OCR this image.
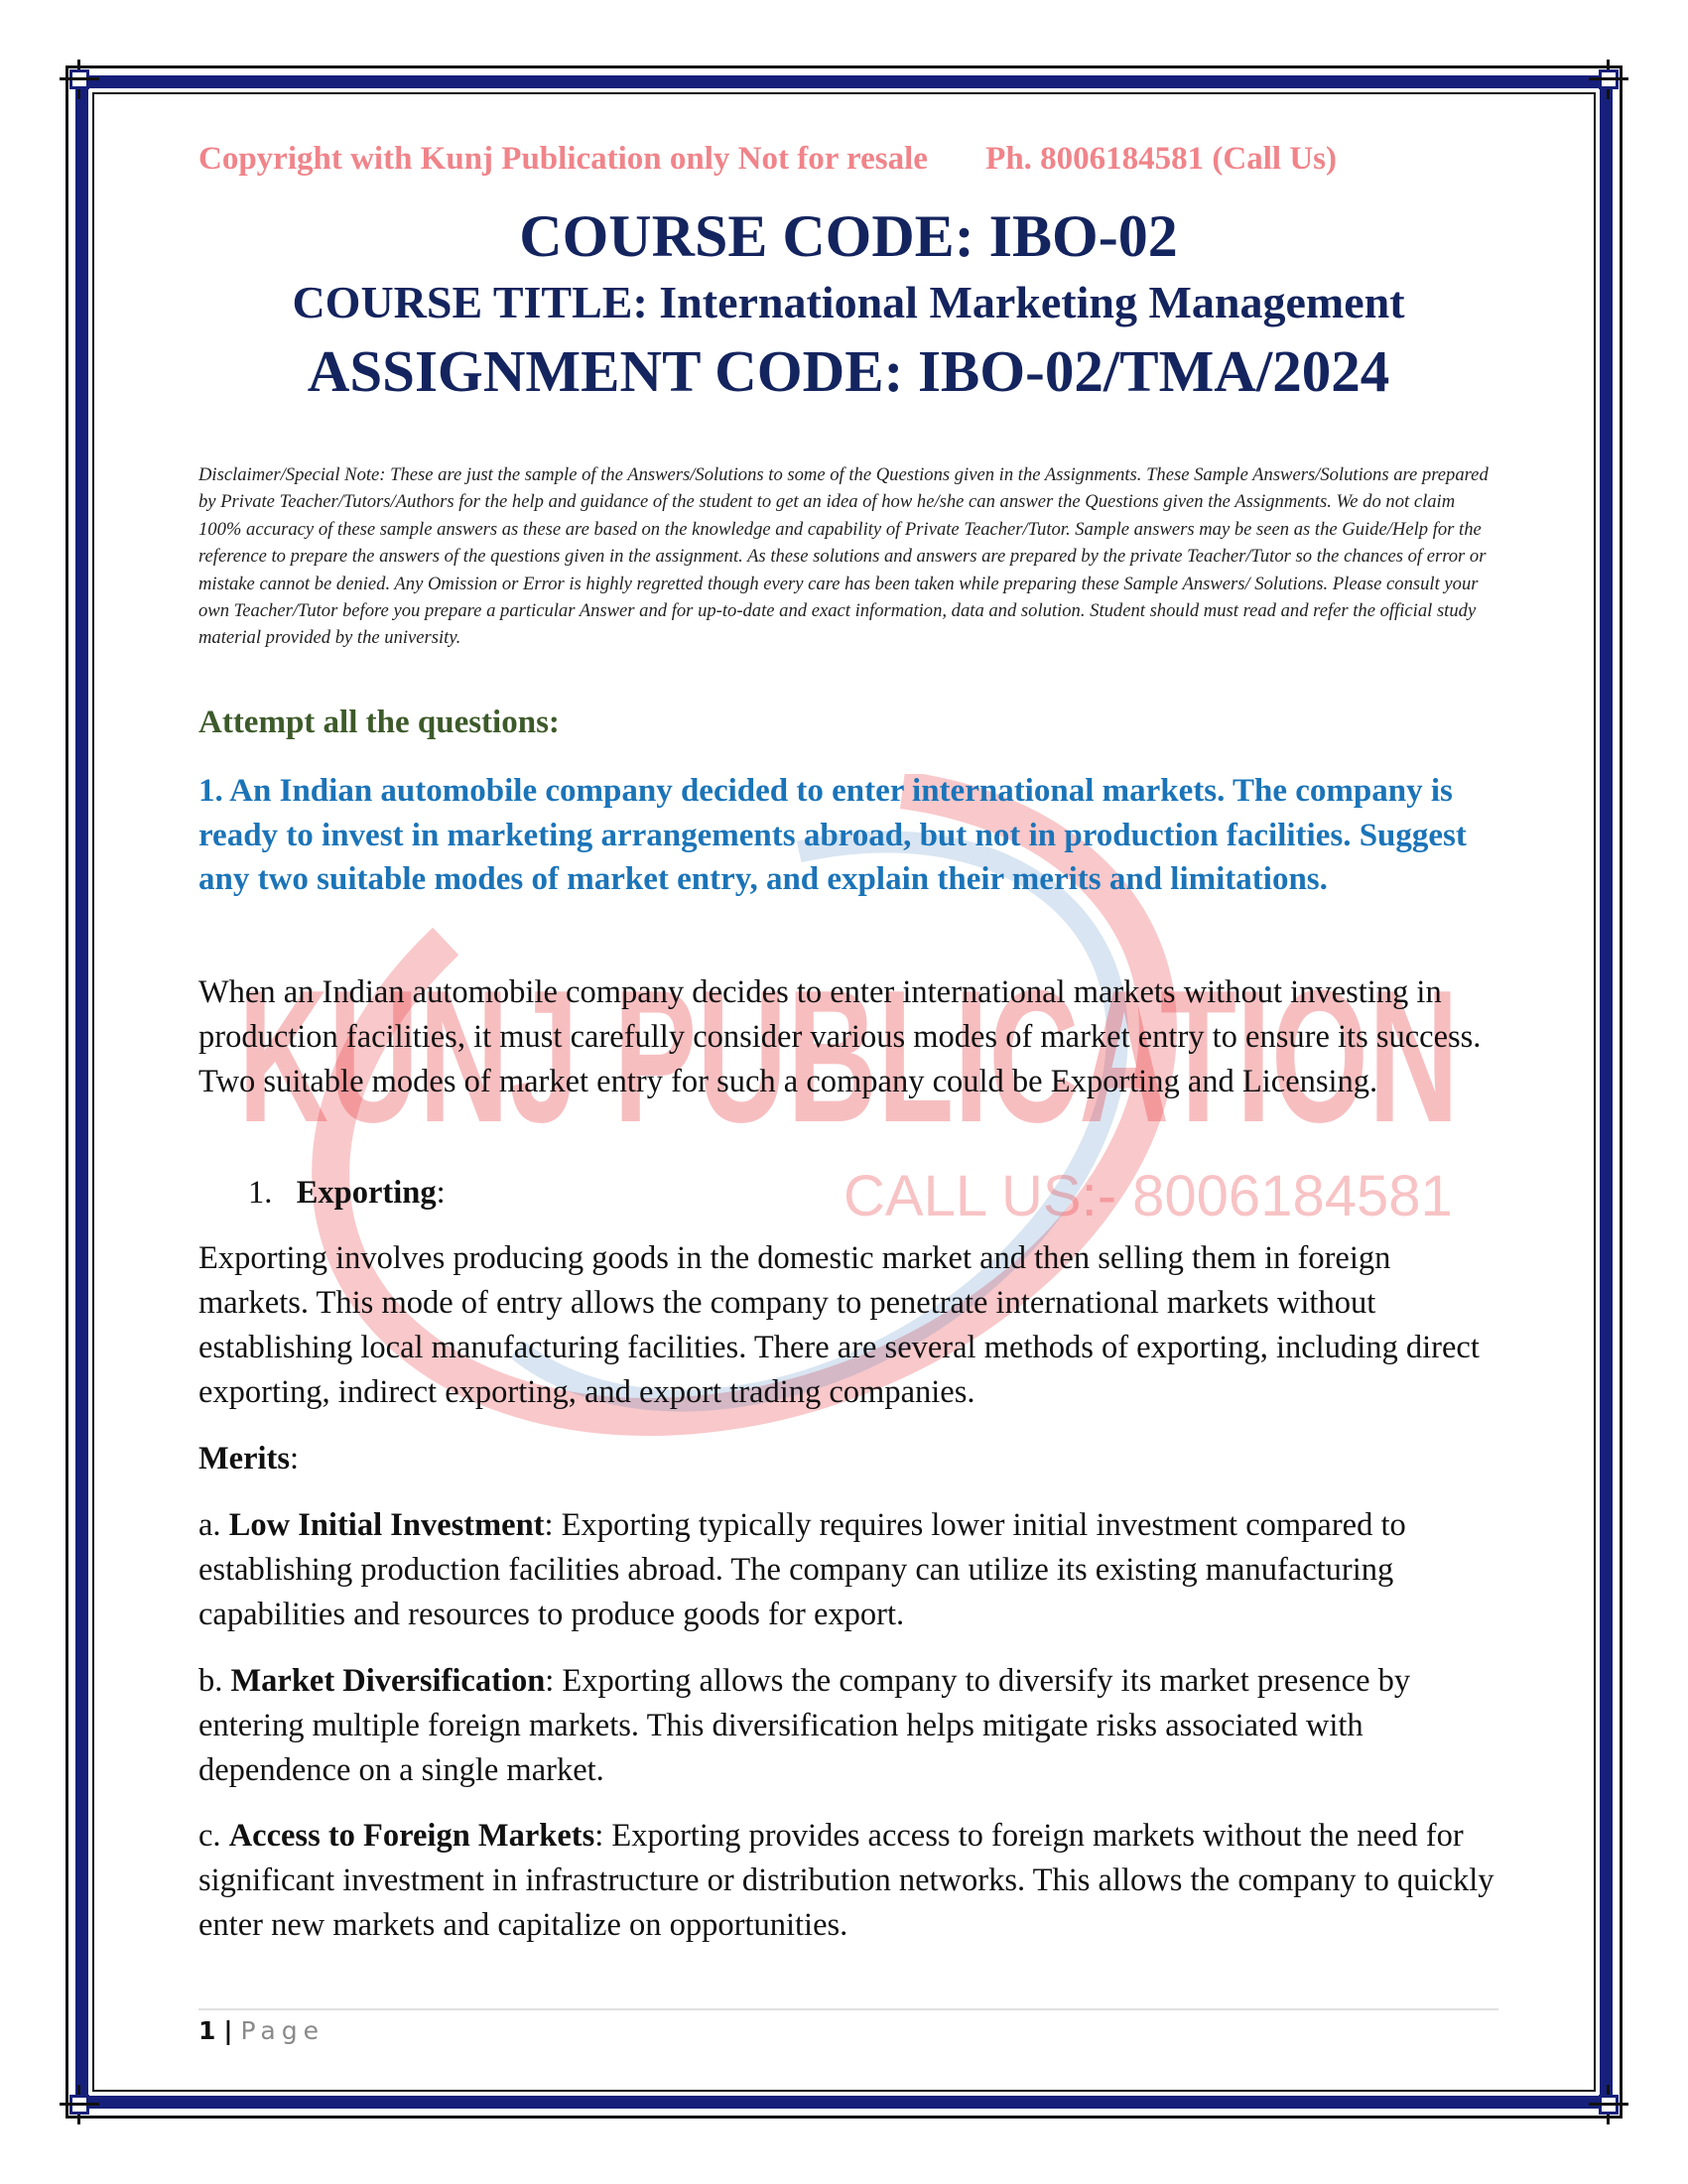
KUNJ PUBLICATION
CALL US:- 8006184581
Copyright with Kunj Publication only Not for resale Ph. 8006184581 (Call Us)
COURSE CODE: IBO-02
COURSE TITLE: International Marketing Management
ASSIGNMENT CODE: IBO-02/TMA/2024
Disclaimer/Special Note: These are just the sample of the Answers/Solutions to some of the Questions given in the Assignments. These Sample Answers/Solutions are prepared by Private Teacher/Tutors/Authors for the help and guidance of the student to get an idea of how he/she can answer the Questions given the Assignments. We do not claim 100% accuracy of these sample answers as these are based on the knowledge and capability of Private Teacher/Tutor. Sample answers may be seen as the Guide/Help for the reference to prepare the answers of the questions given in the assignment. As these solutions and answers are prepared by the private Teacher/Tutor so the chances of error or mistake cannot be denied. Any Omission or Error is highly regretted though every care has been taken while preparing these Sample Answers/ Solutions. Please consult your own Teacher/Tutor before you prepare a particular Answer and for up-to-date and exact information, data and solution. Student should must read and refer the official study material provided by the university.
Attempt all the questions:
1. An Indian automobile company decided to enter international markets. The company is ready to invest in marketing arrangements abroad, but not in production facilities. Suggest any two suitable modes of market entry, and explain their merits and limitations.
When an Indian automobile company decides to enter international markets without investing in production facilities, it must carefully consider various modes of market entry to ensure its success. Two suitable modes of market entry for such a company could be Exporting and Licensing.
1. Exporting:
Exporting involves producing goods in the domestic market and then selling them in foreign markets. This mode of entry allows the company to penetrate international markets without establishing local manufacturing facilities. There are several methods of exporting, including direct exporting, indirect exporting, and export trading companies.
Merits:
a. Low Initial Investment: Exporting typically requires lower initial investment compared to establishing production facilities abroad. The company can utilize its existing manufacturing capabilities and resources to produce goods for export.
b. Market Diversification: Exporting allows the company to diversify its market presence by entering multiple foreign markets. This diversification helps mitigate risks associated with dependence on a single market.
c. Access to Foreign Markets: Exporting provides access to foreign markets without the need for significant investment in infrastructure or distribution networks. This allows the company to quickly enter new markets and capitalize on opportunities.
1 | Page
